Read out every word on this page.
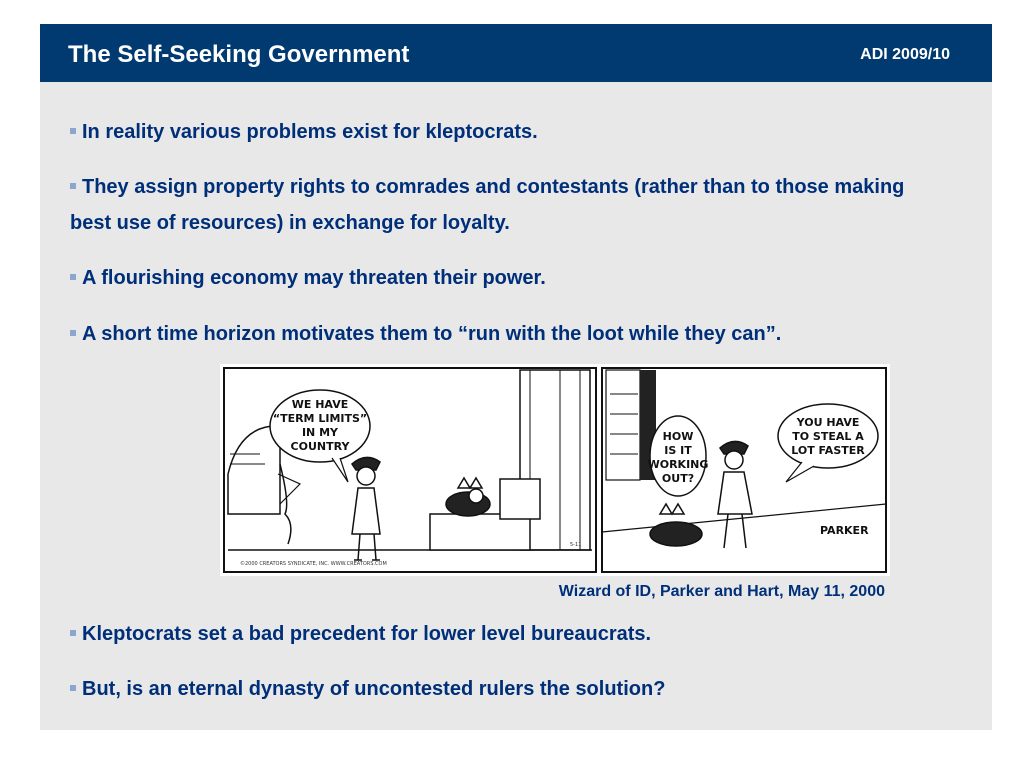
The Self-Seeking Government	ADI 2009/10

In reality various problems exist for kleptocrats.

They assign property rights to comrades and contestants (rather than to those making best use of resources) in exchange for loyalty.

A flourishing economy may threaten their power.

A short time horizon motivates them to “run with the loot while they can”.

WE HAVE
“TERM LIMITS”
IN MY
COUNTRY
©2000 CREATORS SYNDICATE, INC. WWW.CREATORS.COM
5-11
HOW
IS IT
WORKING
OUT?
YOU HAVE
TO STEAL A
LOT FASTER
PARKER
Wizard of ID, Parker and Hart, May 11, 2000

Kleptocrats set a bad precedent for lower level bureaucrats.

But, is an eternal dynasty of uncontested rulers the solution?
